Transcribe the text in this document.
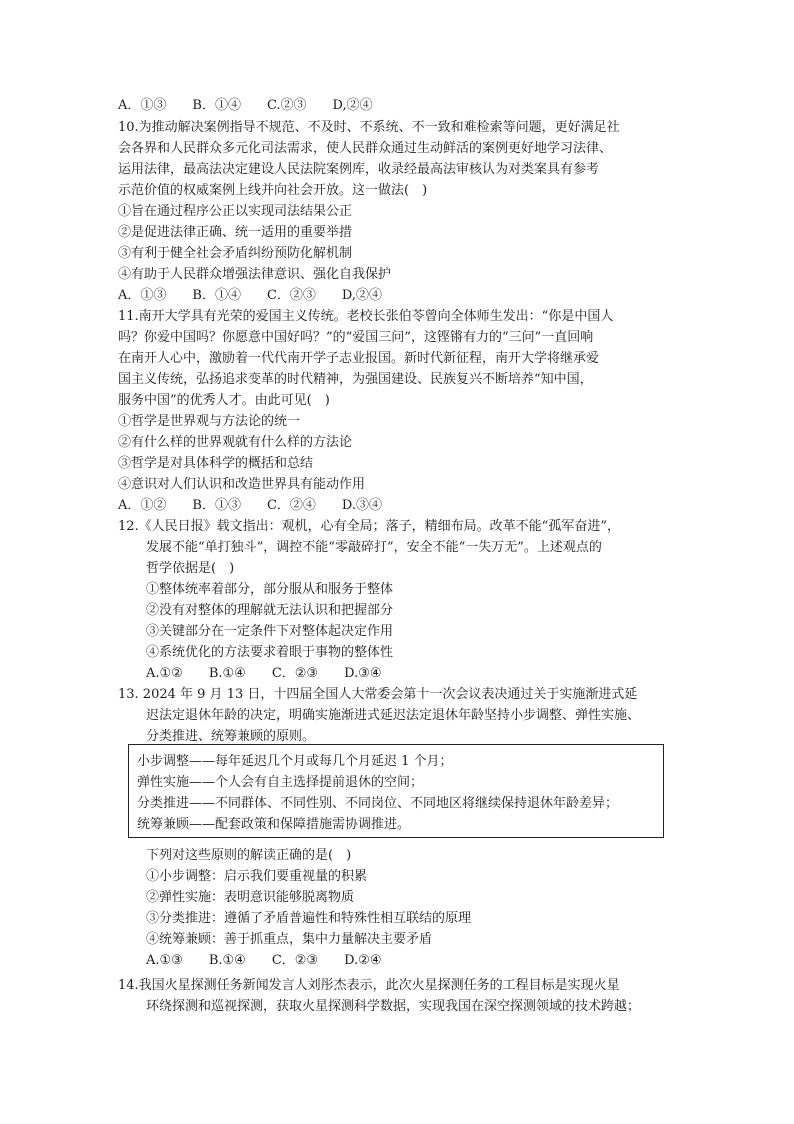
A．①③　　B．①④　　C.②③　　D,②④
10.为推动解决案例指导不规范、不及时、不系统、不一致和难检索等问题，更好满足社
会各界和人民群众多元化司法需求，使人民群众通过生动鲜活的案例更好地学习法律、
运用法律，最高法决定建设人民法院案例库，收录经最高法审核认为对类案具有参考
示范价值的权威案例上线并向社会开放。这一做法(　)
①旨在通过程序公正以实现司法结果公正
②是促进法律正确、统一适用的重要举措
③有利于健全社会矛盾纠纷预防化解机制
④有助于人民群众增强法律意识、强化自我保护
A．①③　　B．①④　　C．②③　　D,②④
11.南开大学具有光荣的爱国主义传统。老校长张伯苓曾向全体师生发出：“你是中国人
吗？你爱中国吗？你愿意中国好吗？”的“爱国三问”，这铿锵有力的“三问”一直回响
在南开人心中，激励着一代代南开学子志业报国。新时代新征程，南开大学将继承爱
国主义传统，弘扬追求变革的时代精神，为强国建设、民族复兴不断培养“知中国，
服务中国”的优秀人才。由此可见(　)
①哲学是世界观与方法论的统一
②有什么样的世界观就有什么样的方法论
③哲学是对具体科学的概括和总结
④意识对人们认识和改造世界具有能动作用
A．①②　　B．①③　　C．②④　　D.③④
12.《人民日报》载文指出：观机，心有全局；落子，精细布局。改革不能“孤军奋进”，
发展不能“单打独斗”，调控不能“零敲碎打”，安全不能“一失万无”。上述观点的
哲学依据是(　)
①整体统率着部分，部分服从和服务于整体
②没有对整体的理解就无法认识和把握部分
③关键部分在一定条件下对整体起决定作用
④系统优化的方法要求着眼于事物的整体性
A.①②　　B.①④　　C．②③　　D.③④
13. 2024 年 9 月 13 日，十四届全国人大常委会第十一次会议表决通过关于实施渐进式延
迟法定退休年龄的决定，明确实施渐进式延迟法定退休年龄坚持小步调整、弹性实施、
分类推进、统筹兼顾的原则。
小步调整——每年延迟几个月或每几个月延迟 1 个月；
弹性实施——个人会有自主选择提前退休的空间；
分类推进——不同群体、不同性别、不同岗位、不同地区将继续保持退休年龄差异；
统筹兼顾——配套政策和保障措施需协调推进。
下列对这些原则的解读正确的是(　)
①小步调整：启示我们要重视量的积累
②弹性实施：表明意识能够脱离物质
③分类推进：遵循了矛盾普遍性和特殊性相互联结的原理
④统筹兼顾：善于抓重点，集中力量解决主要矛盾
A.①③　　B.①④　　C．②③　　D.②④
14.我国火星探测任务新闻发言人刘彤杰表示，此次火星探测任务的工程目标是实现火星
环绕探测和巡视探测，获取火星探测科学数据，实现我国在深空探测领域的技术跨越；
